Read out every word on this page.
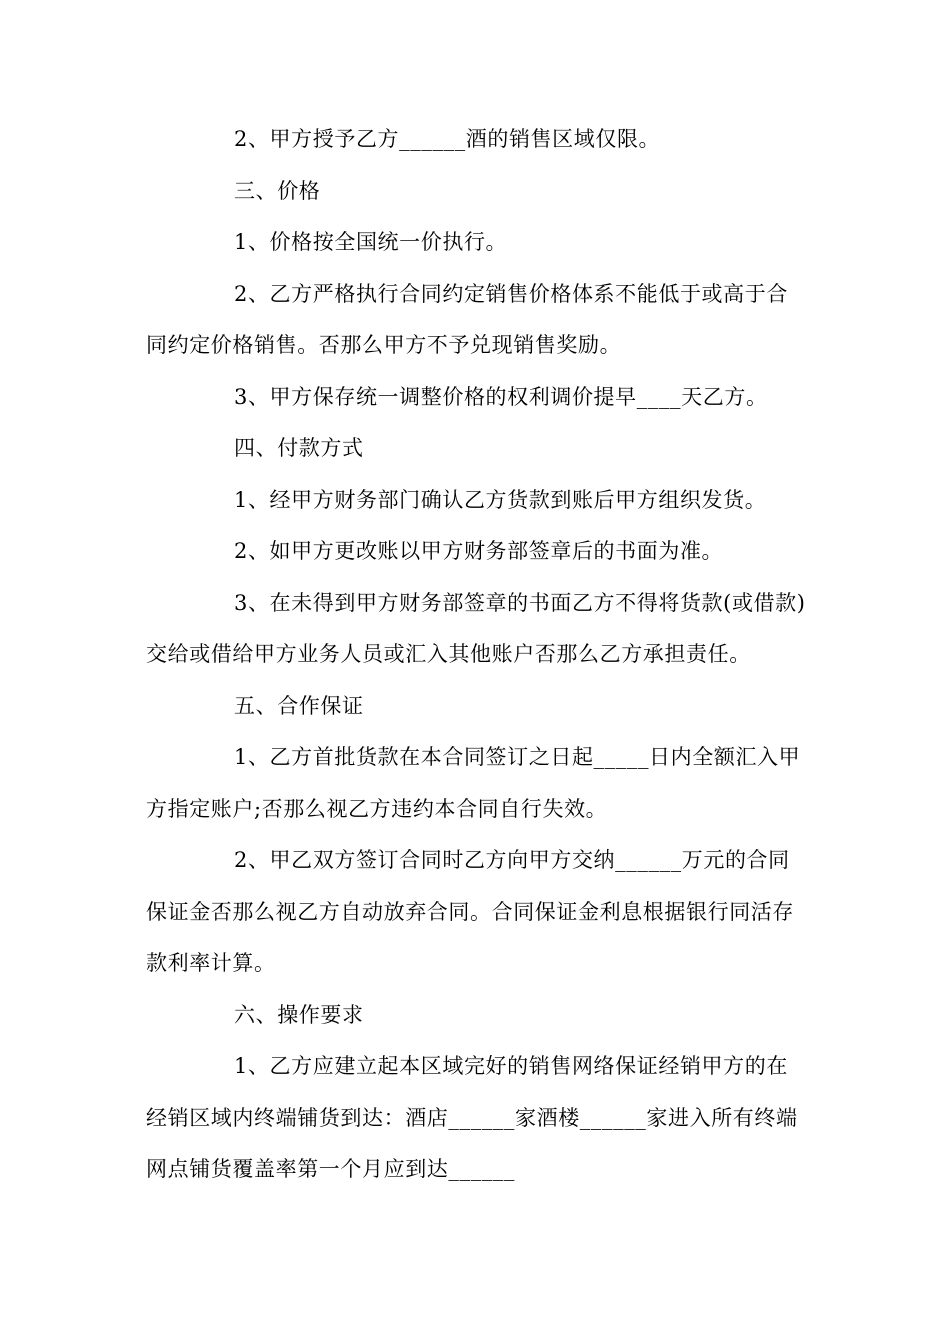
2、甲方授予乙方______酒的销售区域仅限。

三、价格

1、价格按全国统一价执行。

2、乙方严格执行合同约定销售价格体系不能低于或高于合同约定价格销售。否那么甲方不予兑现销售奖励。

3、甲方保存统一调整价格的权利调价提早____天乙方。

四、付款方式

1、经甲方财务部门确认乙方货款到账后甲方组织发货。

2、如甲方更改账以甲方财务部签章后的书面为准。

3、在未得到甲方财务部签章的书面乙方不得将货款(或借款)交给或借给甲方业务人员或汇入其他账户否那么乙方承担责任。

五、合作保证

1、乙方首批货款在本合同签订之日起_____日内全额汇入甲方指定账户;否那么视乙方违约本合同自行失效。

2、甲乙双方签订合同时乙方向甲方交纳______万元的合同保证金否那么视乙方自动放弃合同。合同保证金利息根据银行同活存款利率计算。

六、操作要求

1、乙方应建立起本区域完好的销售网络保证经销甲方的在经销区域内终端铺货到达：酒店______家酒楼______家进入所有终端网点铺货覆盖率第一个月应到达______
